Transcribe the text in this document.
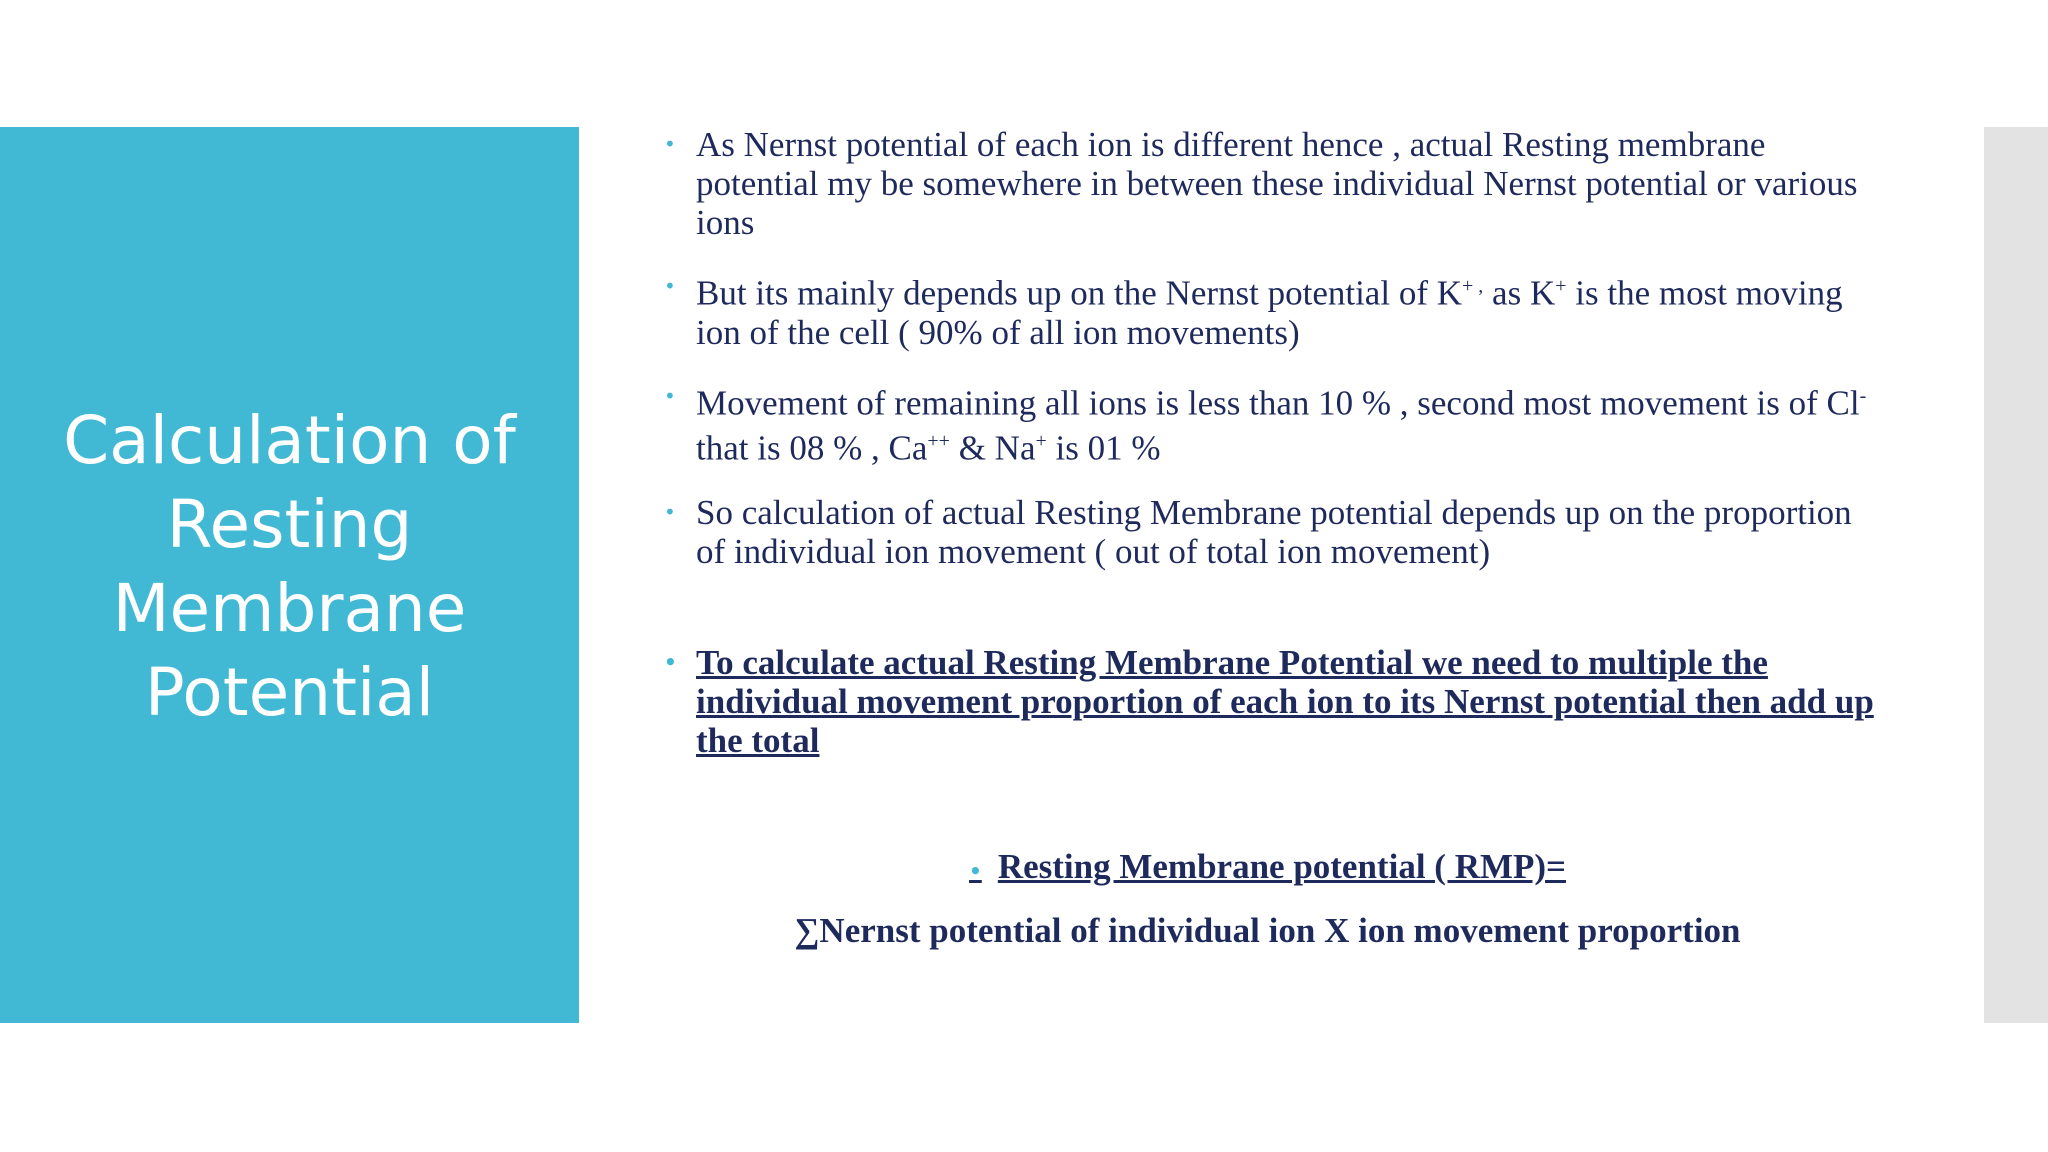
Calculation of Resting Membrane Potential
• As Nernst potential of each ion is different hence , actual Resting membrane potential my be somewhere in between these individual Nernst potential or various ions
• But its mainly depends up on the Nernst potential of K+ , as K+ is the most moving ion of the cell ( 90% of all ion movements)
• Movement of remaining all ions is less than 10 % , second most movement is of Cl- that is 08 % , Ca++ & Na+ is 01 %
• So calculation of actual Resting Membrane potential depends up on the proportion of individual ion movement ( out of total ion movement)
• To calculate actual Resting Membrane Potential we need to multiple the individual movement proportion of each ion to its Nernst potential then add up the total
• Resting Membrane potential ( RMP)=
∑Nernst potential of individual ion X ion movement proportion
